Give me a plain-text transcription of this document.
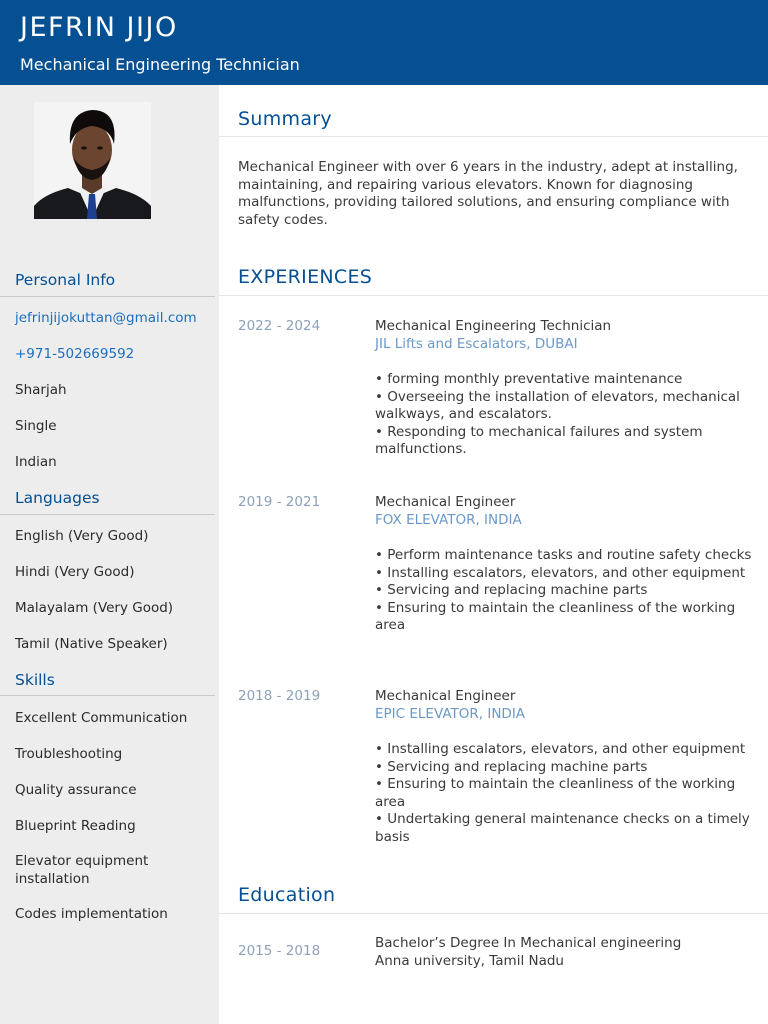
JEFRIN JIJO
Mechanical Engineering Technician
Personal Info
jefrinjijokuttan@gmail.com
+971-502669592
Sharjah
Single
Indian
Languages
English (Very Good)
Hindi (Very Good)
Malayalam (Very Good)
Tamil (Native Speaker)
Skills
Excellent Communication
Troubleshooting
Quality assurance
Blueprint Reading
Elevator equipment installation
Codes implementation
Summary
Mechanical Engineer with over 6 years in the industry, adept at installing, maintaining, and repairing various elevators. Known for diagnosing malfunctions, providing tailored solutions, and ensuring compliance with safety codes.
EXPERIENCES
2022 - 2024	Mechanical Engineering Technician
JIL Lifts and Escalators, DUBAI
• forming monthly preventative maintenance
• Overseeing the installation of elevators, mechanical walkways, and escalators.
• Responding to mechanical failures and system malfunctions.
2019 - 2021	Mechanical Engineer
FOX ELEVATOR, INDIA
• Perform maintenance tasks and routine safety checks
• Installing escalators, elevators, and other equipment
• Servicing and replacing machine parts
• Ensuring to maintain the cleanliness of the working area
2018 - 2019	Mechanical Engineer
EPIC ELEVATOR, INDIA
• Installing escalators, elevators, and other equipment
• Servicing and replacing machine parts
• Ensuring to maintain the cleanliness of the working area
• Undertaking general maintenance checks on a timely basis
Education
2015 - 2018	Bachelor’s Degree In Mechanical engineering
Anna university, Tamil Nadu
